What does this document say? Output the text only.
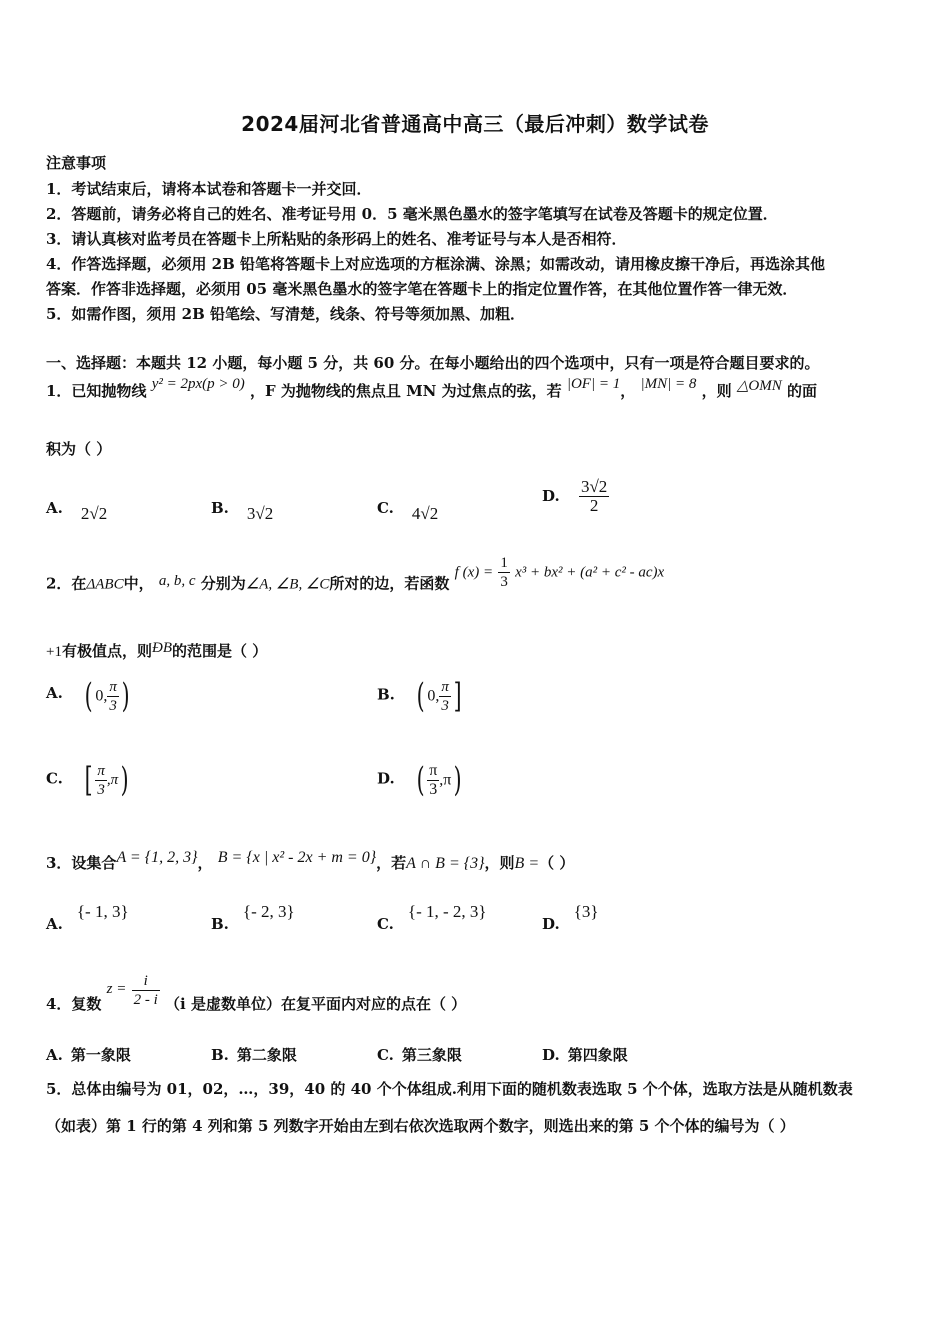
2024届河北省普通高中高三（最后冲刺）数学试卷
注意事项
1．考试结束后，请将本试卷和答题卡一并交回．
2．答题前，请务必将自己的姓名、准考证号用 0．5 毫米黑色墨水的签字笔填写在试卷及答题卡的规定位置．
3．请认真核对监考员在答题卡上所粘贴的条形码上的姓名、准考证号与本人是否相符．
4．作答选择题，必须用 2B 铅笔将答题卡上对应选项的方框涂满、涂黑；如需改动，请用橡皮擦干净后，再选涂其他
答案．作答非选择题，必须用 05 毫米黑色墨水的签字笔在答题卡上的指定位置作答，在其他位置作答一律无效．
5．如需作图，须用 2B 铅笔绘、写清楚，线条、符号等须加黑、加粗．
一、选择题：本题共 12 小题，每小题 5 分，共 60 分。在每小题给出的四个选项中，只有一项是符合题目要求的。
1．已知抛物线 y² = 2px(p > 0) ，F 为抛物线的焦点且 MN 为过焦点的弦，若 |OF| = 1， |MN| = 8 ，则 △OMN 的面
积为（ ）
A. 2√2	B. 3√2	C. 4√2
D. $\frac{3√2}{2}$
2．在ΔABC中， a, b, c 分别为∠A, ∠B, ∠C所对的边，若函数 f $(x) = \frac{1}{3} x^3 + bx^2 + (a^2 + c^2 - ac)x$
+1有极值点，则ÐB的范围是（ ）
A. ( 0, $\frac{\pi}{3}$ )	B. ( 0, $\frac{\pi}{3}$ ]
C. [ $\frac{\pi}{3} ,\pi$)	D. ( $\frac{\pi}{3} ,\pi$)
3．设集合A = {1, 2, 3}， B = {x | x² - 2x + m = 0}，若A ∩ B = {3}，则B =（ ）
A.{- 1, 3}
B.{- 2, 3}
C.{- 1, - 2, 3}
D.{3}
4．复数 $z = \frac{i}{2 - i} (i$ 是虚数单位）在复平面内对应的点在（ ）
A. 第一象限	B. 第二象限	C. 第三象限	D. 第四象限
5．总体由编号为 01，02，…，39，40 的 40 个个体组成.利用下面的随机数表选取 5 个个体，选取方法是从随机数表
（如表）第 1 行的第 4 列和第 5 列数字开始由左到右依次选取两个数字，则选出来的第 5 个个体的编号为（ ）
